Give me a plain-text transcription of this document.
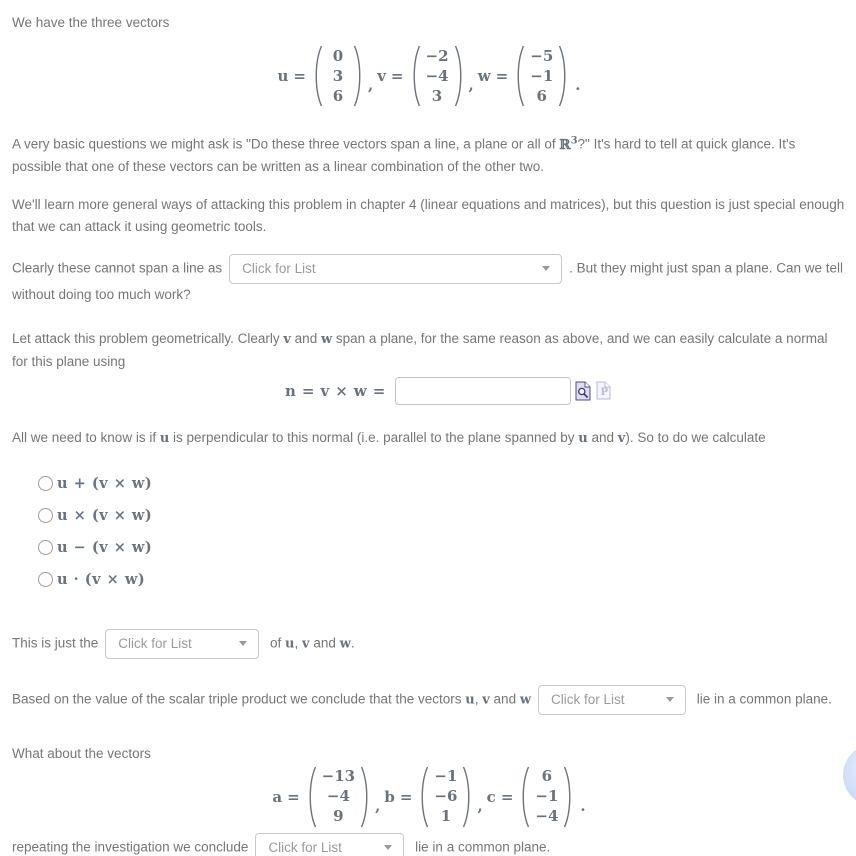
We have the three vectors

u =
0
3
6
, v =
−2
−4
3
, w =
−5
−1
6
.

A very basic questions we might ask is "Do these three vectors span a line, a plane or all of ℝ$^3$?" It's hard to tell at quick glance. It's possible that one of these vectors can be written as a linear combination of the other two.

We'll learn more general ways of attacking this problem in chapter 4 (linear equations and matrices), but this question is just special enough that we can attack it using geometric tools.

Clearly these cannot span a line as Click for List	. But they might just span a plane. Can we tell without doing too much work?

Let attack this problem geometrically. Clearly v and w span a plane, for the same reason as above, and we can easily calculate a normal for this plane using

n = v × w =	P

All we need to know is if u is perpendicular to this normal (i.e. parallel to the plane spanned by u and v). So to do we calculate

u + (v × w)
u × (v × w)
u − (v × w)
u · (v × w)
This is just the Click for List	of u, v and w.
Based on the value of the scalar triple product we conclude that the vectors u, v and w Click for List	lie in a common plane.

What about the vectors

a =
−13
−4
9
, b =
−1
−6
1
, c =
6
−1
−4
.
repeating the investigation we conclude Click for List	lie in a common plane.
